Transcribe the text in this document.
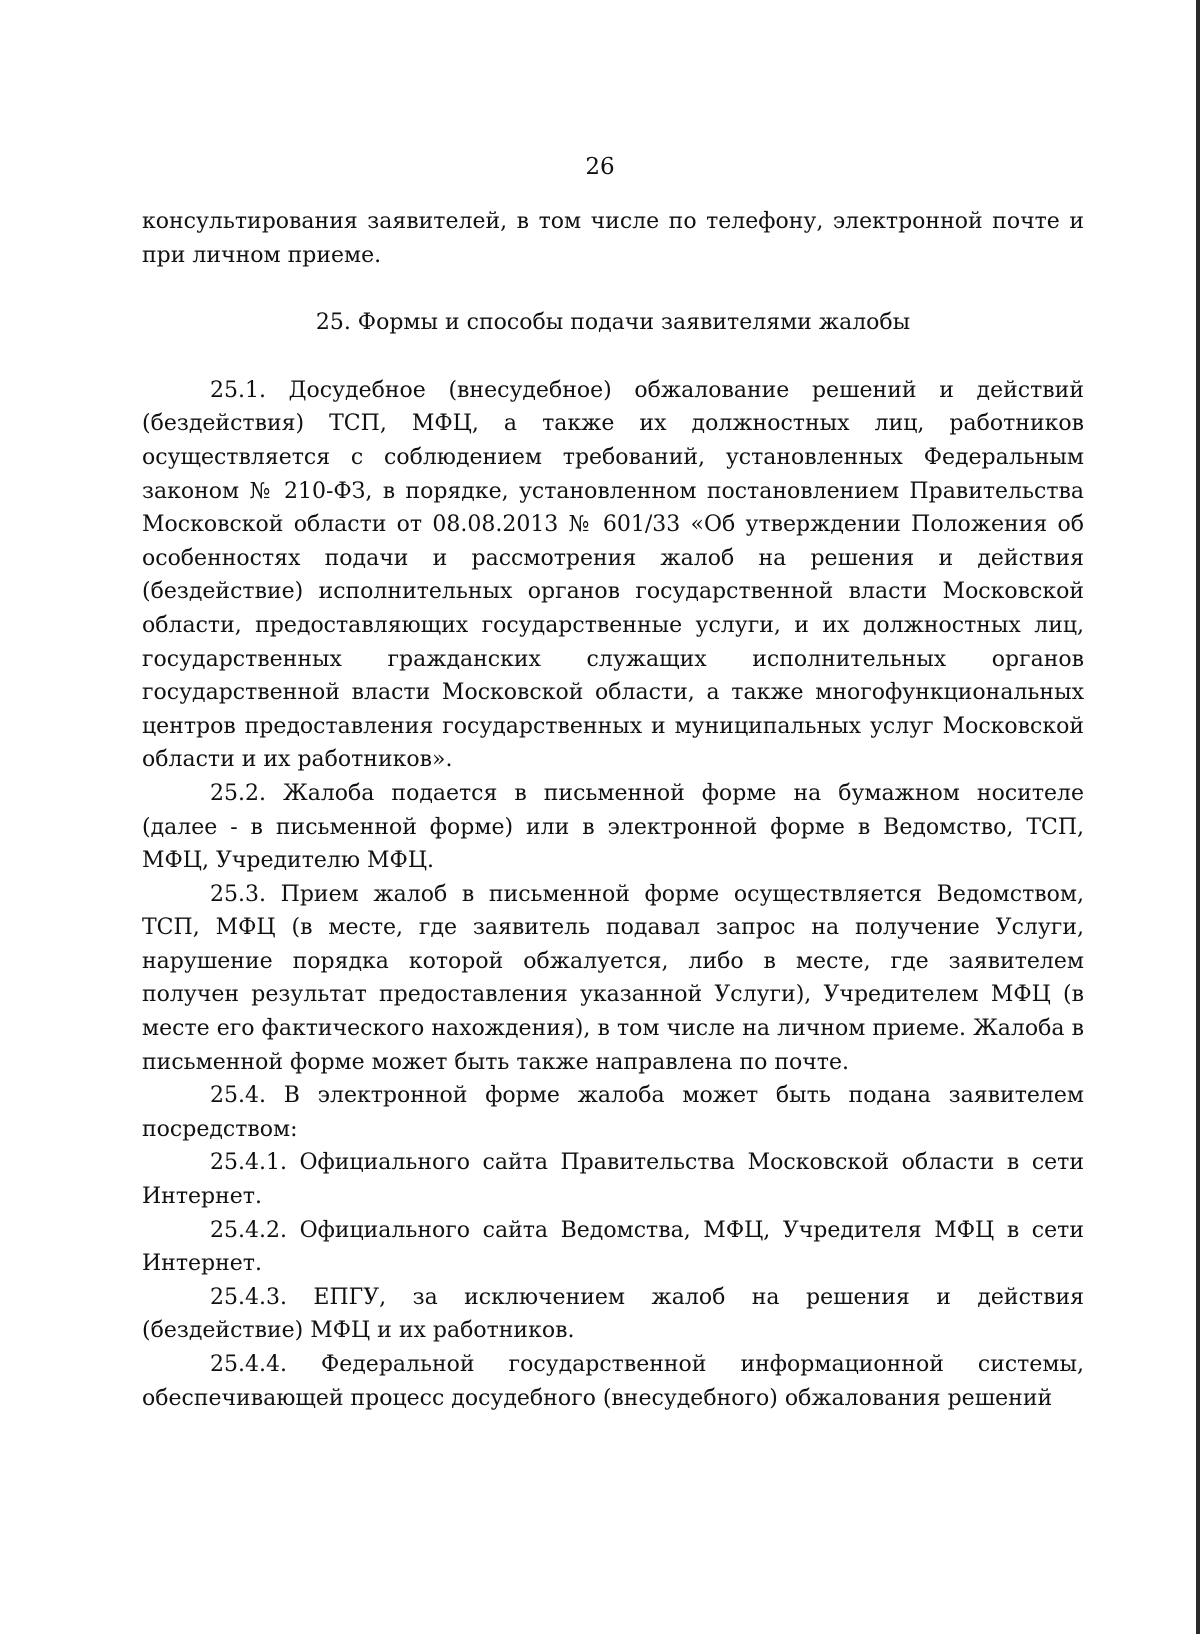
26

консультирования заявителей, в том числе по телефону, электронной почте и при личном приеме.

25. Формы и способы подачи заявителями жалобы

25.1. Досудебное (внесудебное) обжалование решений и действий (бездействия) ТСП, МФЦ, а также их должностных лиц, работников осуществляется с соблюдением требований, установленных Федеральным законом № 210-ФЗ, в порядке, установленном постановлением Правительства Московской области от 08.08.2013 № 601/33 «Об утверждении Положения об особенностях подачи и рассмотрения жалоб на решения и действия (бездействие) исполнительных органов государственной власти Московской области, предоставляющих государственные услуги, и их должностных лиц, государственных гражданских служащих исполнительных органов государственной власти Московской области, а также многофункциональных центров предоставления государственных и муниципальных услуг Московской области и их работников».

25.2. Жалоба подается в письменной форме на бумажном носителе (далее - в письменной форме) или в электронной форме в Ведомство, ТСП, МФЦ, Учредителю МФЦ.

25.3. Прием жалоб в письменной форме осуществляется Ведомством, ТСП, МФЦ (в месте, где заявитель подавал запрос на получение Услуги, нарушение порядка которой обжалуется, либо в месте, где заявителем получен результат предоставления указанной Услуги), Учредителем МФЦ (в месте его фактического нахождения), в том числе на личном приеме. Жалоба в письменной форме может быть также направлена по почте.

25.4. В электронной форме жалоба может быть подана заявителем посредством:

25.4.1. Официального сайта Правительства Московской области в сети Интернет.

25.4.2. Официального сайта Ведомства, МФЦ, Учредителя МФЦ в сети Интернет.

25.4.3. ЕПГУ, за исключением жалоб на решения и действия (бездействие) МФЦ и их работников.

25.4.4. Федеральной государственной информационной системы, обеспечивающей процесс досудебного (внесудебного) обжалования решений
